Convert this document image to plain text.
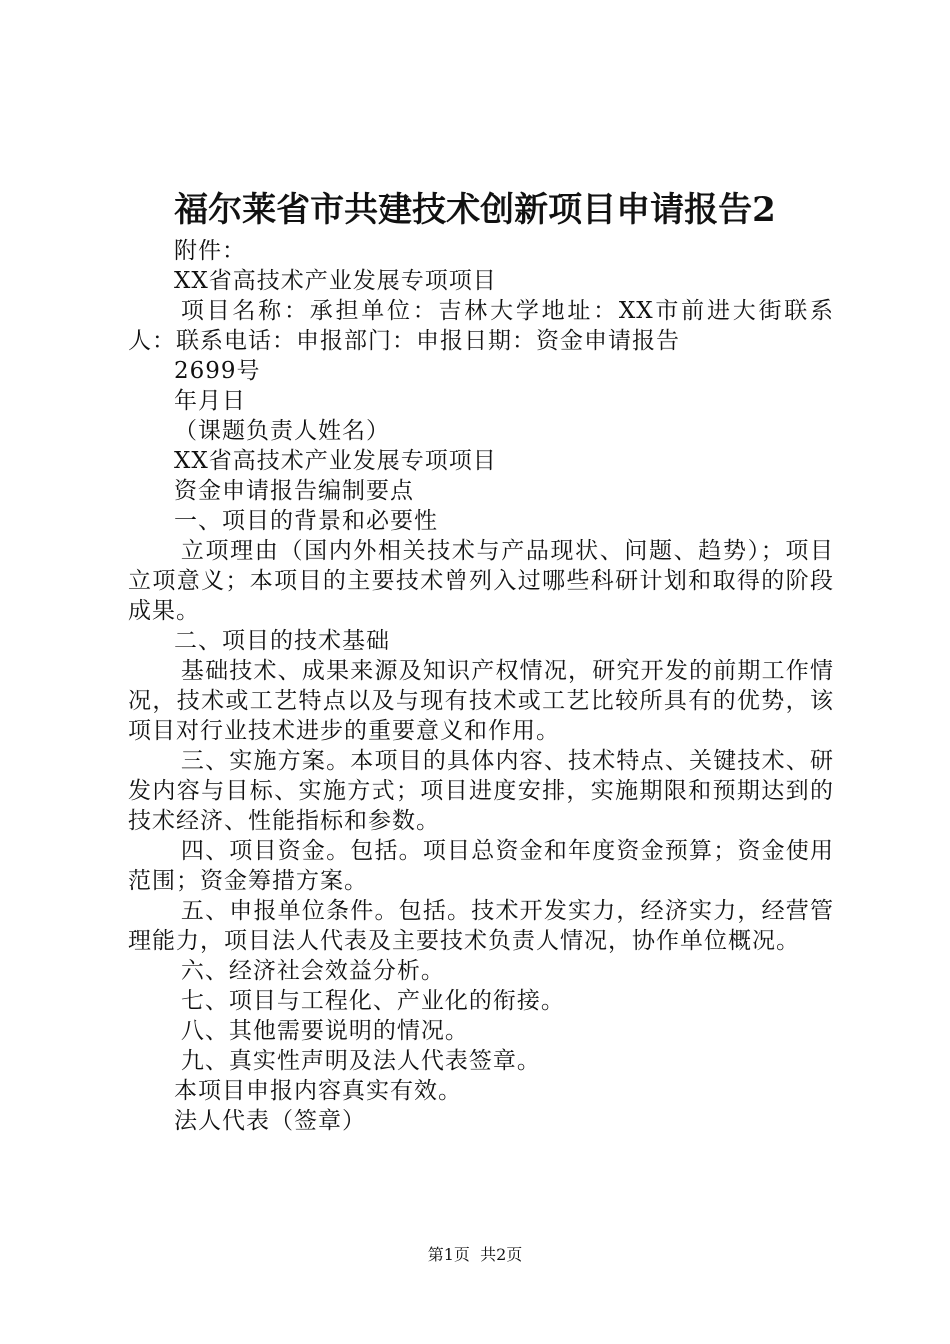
福尔莱省市共建技术创新项目申请报告2

附件：

XX省高技术产业发展专项项目

项目名称：承担单位：吉林大学地址：XX市前进大街联系人：联系电话：申报部门：申报日期：资金申请报告

2699号

年月日

（课题负责人姓名）

XX省高技术产业发展专项项目

资金申请报告编制要点

一、项目的背景和必要性

立项理由（国内外相关技术与产品现状、问题、趋势）；项目立项意义；本项目的主要技术曾列入过哪些科研计划和取得的阶段成果。

二、项目的技术基础

基础技术、成果来源及知识产权情况，研究开发的前期工作情况，技术或工艺特点以及与现有技术或工艺比较所具有的优势，该项目对行业技术进步的重要意义和作用。

三、实施方案。本项目的具体内容、技术特点、关键技术、研发内容与目标、实施方式；项目进度安排，实施期限和预期达到的技术经济、性能指标和参数。

四、项目资金。包括。项目总资金和年度资金预算；资金使用范围；资金筹措方案。

五、申报单位条件。包括。技术开发实力，经济实力，经营管理能力，项目法人代表及主要技术负责人情况，协作单位概况。

六、经济社会效益分析。

七、项目与工程化、产业化的衔接。

八、其他需要说明的情况。

九、真实性声明及法人代表签章。

本项目申报内容真实有效。

法人代表（签章）

第1页  共2页
